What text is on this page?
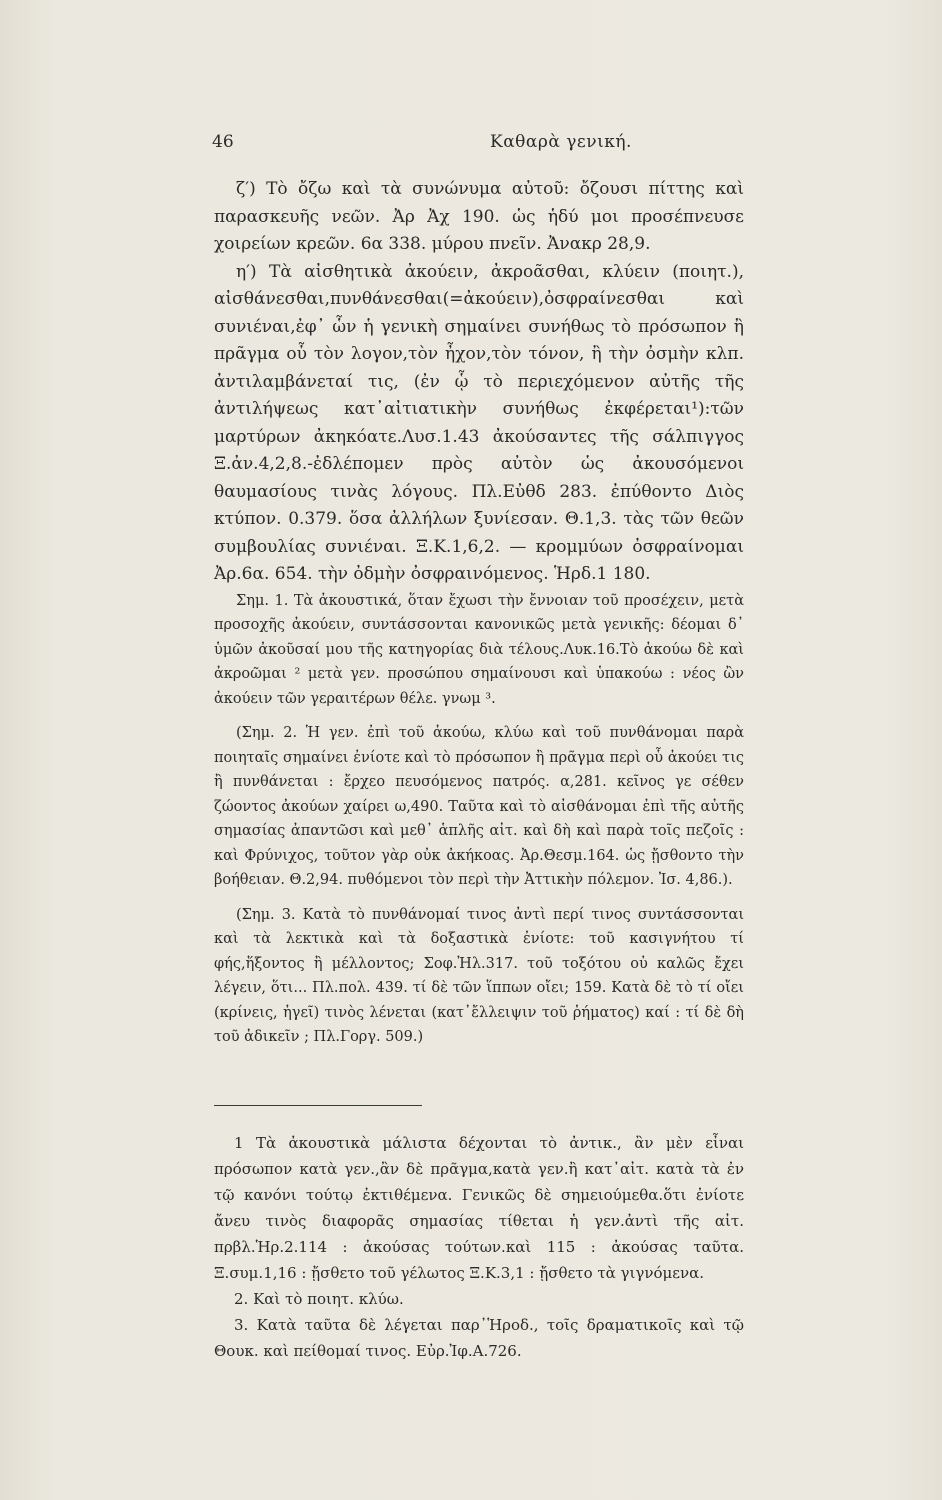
46	Καθαρὰ γενική.

ζ′) Τὸ ὄζω καὶ τὰ συνώνυμα αὐτοῦ: ὄζουσι πίττης καὶ παρασκευῆς νεῶν. Ἀρ Ἀχ 190. ὡς ἡδύ μοι προσέπνευσε χοιρείων κρεῶν. 6α 338. μύρου πνεῖν. Ἀνακρ 28,9.

η′) Τὰ αἰσθητικὰ ἀκούειν, ἀκροᾶσθαι, κλύειν (ποιητ.), αἰσθάνεσθαι,πυνθάνεσθαι(=ἀκούειν),ὀσφραίνεσθαι καὶ συνιέναι,ἐφ᾽ ὧν ἡ γενικὴ σημαίνει συνήθως τὸ πρόσωπον ἢ πρᾶγμα οὗ τὸν λογον,τὸν ἦχον,τὸν τόνον, ἢ τὴν ὀσμὴν κλπ. ἀντιλαμβάνεταί τις, (ἐν ᾧ τὸ περιεχόμενον αὐτῆς τῆς ἀντιλήψεως κατ᾽αἰτιατικὴν συνήθως ἐκφέρεται¹):τῶν μαρτύρων ἀκηκόατε.Λυσ.1.43 ἀκούσαντες τῆς σάλπιγγος Ξ.ἀν.4,2,8.-ἐδλέπομεν πρὸς αὐτὸν ὡς ἀκουσόμενοι θαυμασίους τινὰς λόγους. Πλ.Εὐθδ 283. ἐπύθοντο Διὸς κτύπον. 0.379. ὅσα ἀλλήλων ξυνίεσαν. Θ.1,3. τὰς τῶν θεῶν συμβουλίας συνιέναι. Ξ.Κ.1,6,2. — κρομμύων ὀσφραίνομαι Ἀρ.6α. 654. τὴν ὀδμὴν ὀσφραινόμενος. Ἡρδ.1 180.

Σημ. 1. Τὰ ἀκουστικά, ὅταν ἔχωσι τὴν ἔννοιαν τοῦ προσέχειν, μετὰ προσοχῆς ἀκούειν, συντάσσονται κανονικῶς μετὰ γενικῆς: δέομαι δ᾽ ὑμῶν ἀκοῦσαί μου τῆς κατηγορίας διὰ τέλους.Λυκ.16.Τὸ ἀκούω δὲ καὶ ἀκροῶμαι ² μετὰ γεν. προσώπου σημαίνουσι καὶ ὑπακούω : νέος ὢν ἀκούειν τῶν γεραιτέρων θέλε. γνωμ ³.

(Σημ. 2. Ἡ γεν. ἐπὶ τοῦ ἀκούω, κλύω καὶ τοῦ πυνθάνομαι παρὰ ποιηταῖς σημαίνει ἐνίοτε καὶ τὸ πρόσωπον ἢ πρᾶγμα περὶ οὗ ἀκούει τις ἢ πυνθάνεται : ἔρχεο πευσόμενος πατρός. α,281. κεῖνος γε σέθεν ζώοντος ἀκούων χαίρει ω,490. Ταῦτα καὶ τὸ αἰσθάνομαι ἐπὶ τῆς αὐτῆς σημασίας ἀπαντῶσι καὶ μεθ᾽ ἁπλῆς αἰτ. καὶ δὴ καὶ παρὰ τοῖς πεζοῖς : καὶ Φρύνιχος, τοῦτον γὰρ οὐκ ἀκήκοας. Ἀρ.Θεσμ.164. ὡς ᾔσθοντο τὴν βοήθειαν. Θ.2,94. πυθόμενοι τὸν περὶ τὴν Ἀττικὴν πόλεμον. Ἰσ. 4,86.).

(Σημ. 3. Κατὰ τὸ πυνθάνομαί τινος ἀντὶ περί τινος συντάσσονται καὶ τὰ λεκτικὰ καὶ τὰ δοξαστικὰ ἐνίοτε: τοῦ κασιγνήτου τί φής,ἥξοντος ἢ μέλλοντος; Σοφ.Ἠλ.317. τοῦ τοξότου οὐ καλῶς ἔχει λέγειν, ὅτι... Πλ.πολ. 439. τί δὲ τῶν ἵππων οἴει; 159. Κατὰ δὲ τὸ τί οἴει (κρίνεις, ἡγεῖ) τινὸς λένεται (κατ᾽ἔλλειψιν τοῦ ῥήματος) καί : τί δὲ δὴ τοῦ ἀδικεῖν ; Πλ.Γοργ. 509.)

1 Τὰ ἀκουστικὰ μάλιστα δέχονται τὸ ἀντικ., ἂν μὲν εἶναι πρόσωπον κατὰ γεν.,ἂν δὲ πρᾶγμα,κατὰ γεν.ἢ κατ᾽αἰτ. κατὰ τὰ ἐν τῷ κανόνι τούτῳ ἐκτιθέμενα. Γενικῶς δὲ σημειούμεθα.ὅτι ἐνίοτε ἄνευ τινὸς διαφορᾶς σημασίας τίθεται ἡ γεν.ἀντὶ τῆς αἰτ. πρβλ.Ἡρ.2.114 : ἀκούσας τούτων.καὶ 115 : ἀκούσας ταῦτα. Ξ.συμ.1,16 : ᾔσθετο τοῦ γέλωτος Ξ.Κ.3,1 : ᾔσθετο τὰ γιγνόμενα.

2. Καὶ τὸ ποιητ. κλύω.

3. Κατὰ ταῦτα δὲ λέγεται παρ᾽Ἡροδ., τοῖς δραματικοῖς καὶ τῷ Θουκ. καὶ πείθομαί τινος. Εὐρ.Ἰφ.Α.726.
